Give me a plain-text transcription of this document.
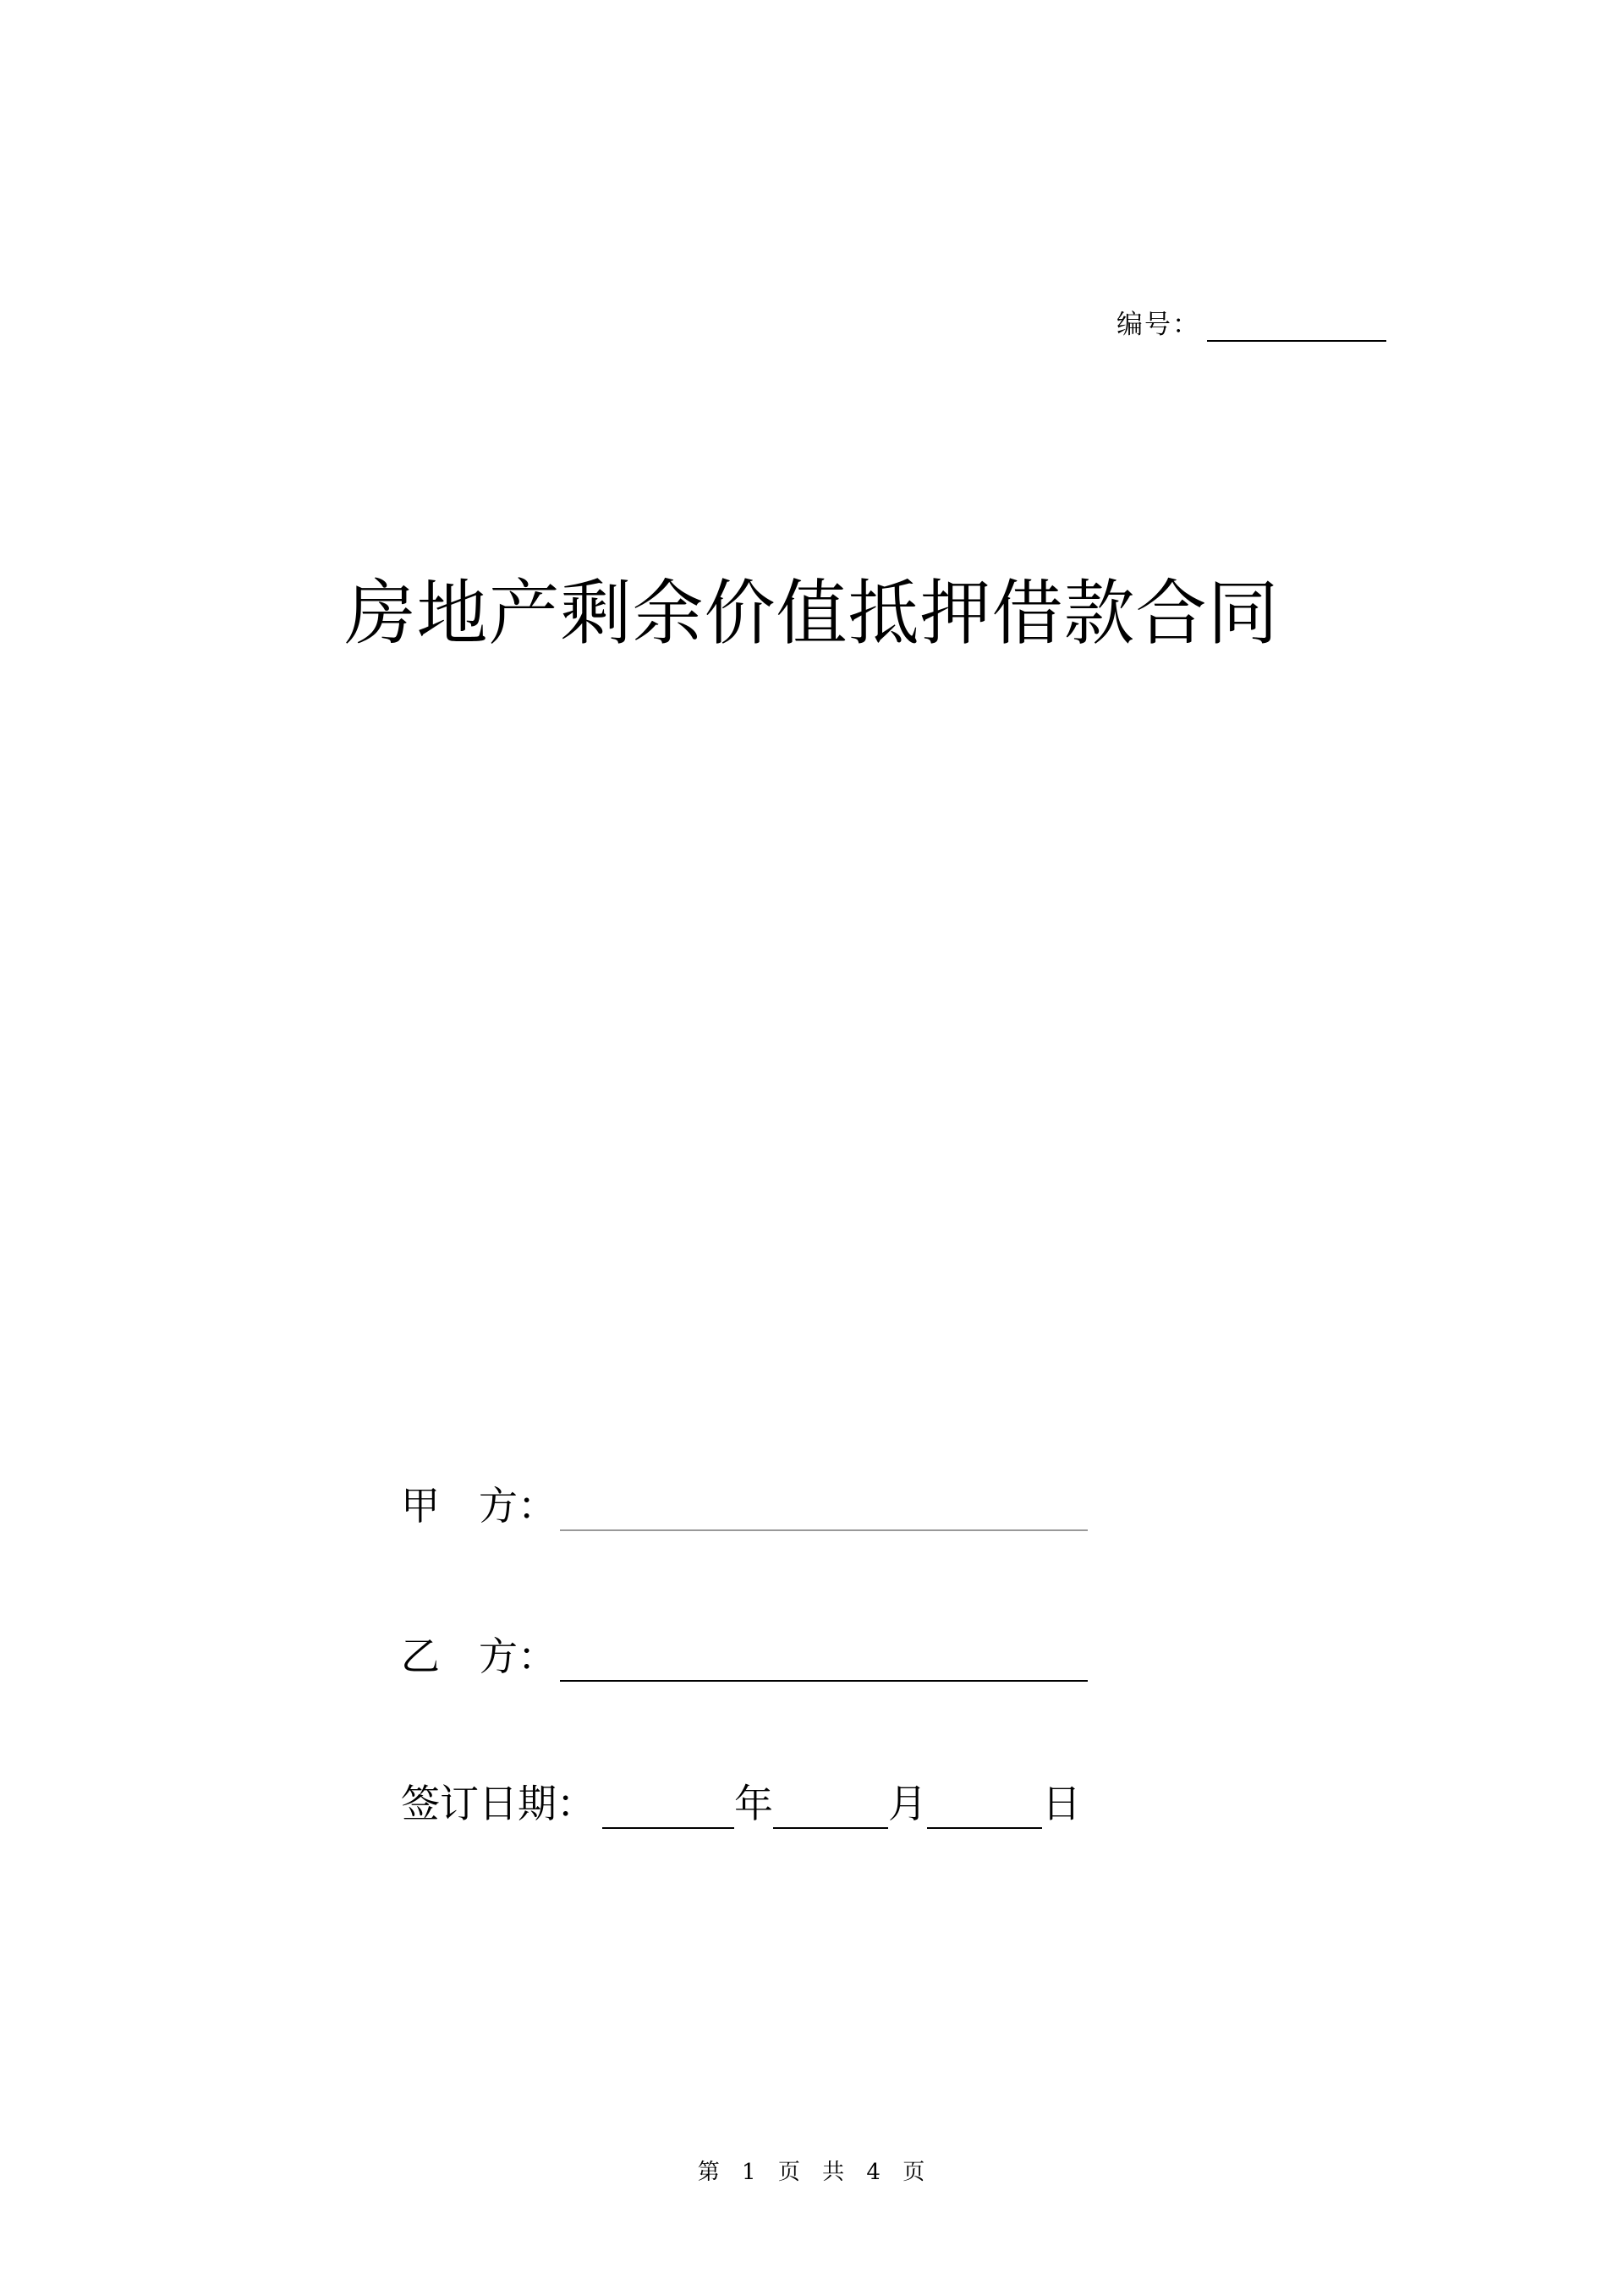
编号：
房地产剩余价值抵押借款合同
甲 方：
乙 方：
签订日期：	年	月	日
第 1 页 共 4 页
